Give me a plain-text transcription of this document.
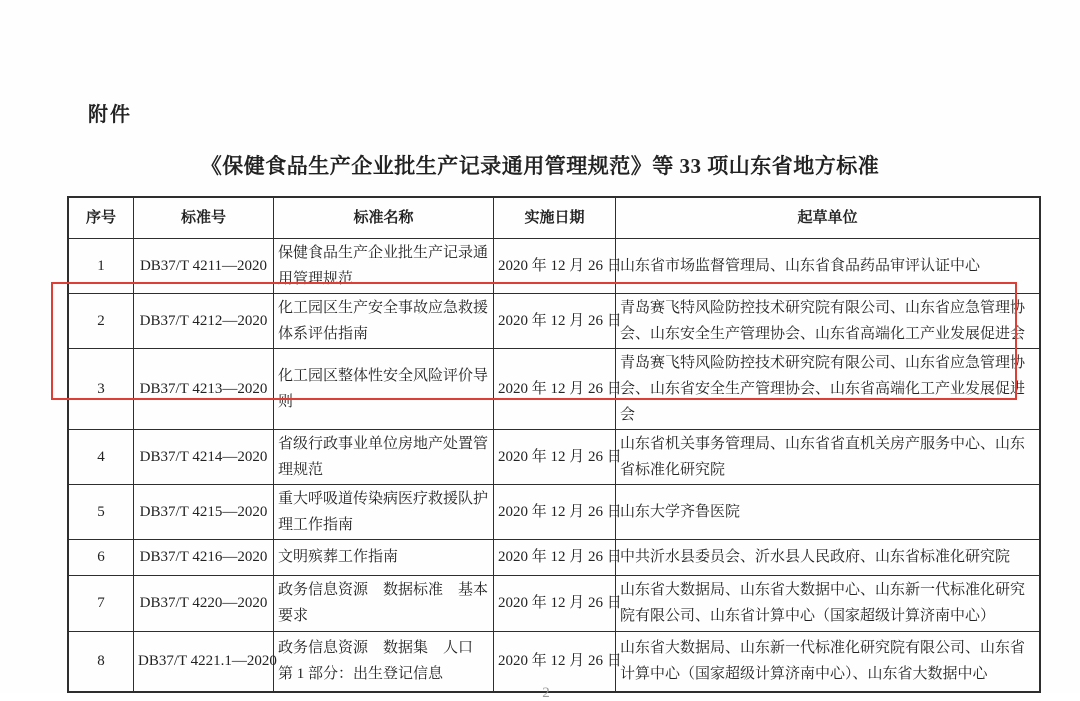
附件
《保健食品生产企业批生产记录通用管理规范》等 33 项山东省地方标准
序号	标准号	标准名称	实施日期	起草单位
1	DB37/T 4211—2020	保健食品生产企业批生产记录通用管理规范	2020 年 12 月 26 日	山东省市场监督管理局、山东省食品药品审评认证中心
2	DB37/T 4212—2020	化工园区生产安全事故应急救援体系评估指南	2020 年 12 月 26 日	青岛赛飞特风险防控技术研究院有限公司、山东省应急管理协会、山东安全生产管理协会、山东省高端化工产业发展促进会
3	DB37/T 4213—2020	化工园区整体性安全风险评价导则	2020 年 12 月 26 日	青岛赛飞特风险防控技术研究院有限公司、山东省应急管理协会、山东省安全生产管理协会、山东省高端化工产业发展促进会
4	DB37/T 4214—2020	省级行政事业单位房地产处置管理规范	2020 年 12 月 26 日	山东省机关事务管理局、山东省省直机关房产服务中心、山东省标准化研究院
5	DB37/T 4215—2020	重大呼吸道传染病医疗救援队护理工作指南	2020 年 12 月 26 日	山东大学齐鲁医院
6	DB37/T 4216—2020	文明殡葬工作指南	2020 年 12 月 26 日	中共沂水县委员会、沂水县人民政府、山东省标准化研究院
7	DB37/T 4220—2020	政务信息资源　数据标准　基本要求	2020 年 12 月 26 日	山东省大数据局、山东省大数据中心、山东新一代标准化研究院有限公司、山东省计算中心（国家超级计算济南中心）
8	DB37/T 4221.1—2020	政务信息资源　数据集　人口　第 1 部分：出生登记信息	2020 年 12 月 26 日	山东省大数据局、山东新一代标准化研究院有限公司、山东省计算中心（国家超级计算济南中心）、山东省大数据中心
2
